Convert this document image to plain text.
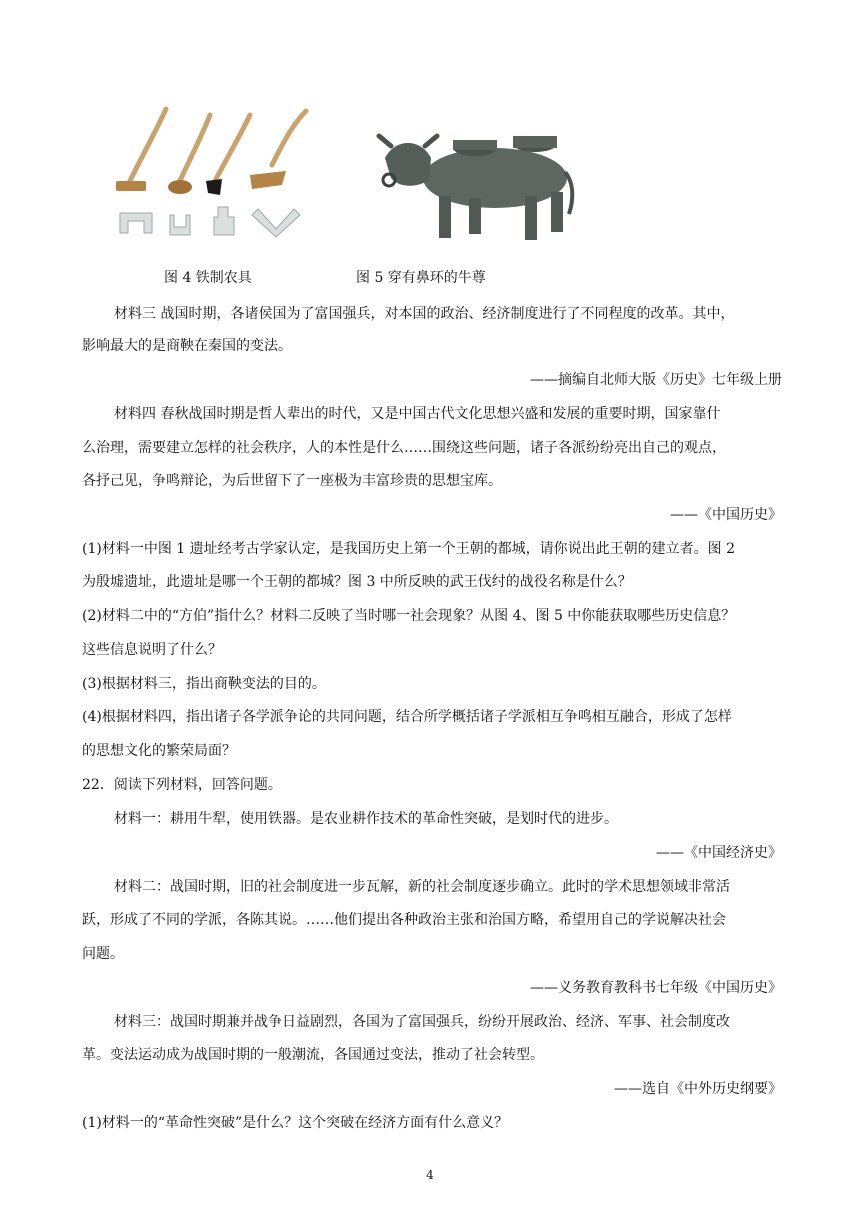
图 4 铁制农具	图 5 穿有鼻环的牛尊
材料三 战国时期，各诸侯国为了富国强兵，对本国的政治、经济制度进行了不同程度的改革。其中，
影响最大的是商鞅在秦国的变法。
——摘编自北师大版《历史》七年级上册
材料四 春秋战国时期是哲人辈出的时代，又是中国古代文化思想兴盛和发展的重要时期，国家靠什
么治理，需要建立怎样的社会秩序，人的本性是什么……围绕这些问题，诸子各派纷纷亮出自己的观点，
各抒己见，争鸣辩论，为后世留下了一座极为丰富珍贵的思想宝库。
——《中国历史》
(1)材料一中图 1 遗址经考古学家认定，是我国历史上第一个王朝的都城，请你说出此王朝的建立者。图 2
为殷墟遗址，此遗址是哪一个王朝的都城？图 3 中所反映的武王伐纣的战役名称是什么？
(2)材料二中的“方伯”指什么？材料二反映了当时哪一社会现象？从图 4、图 5 中你能获取哪些历史信息？
这些信息说明了什么？
(3)根据材料三，指出商鞅变法的目的。
(4)根据材料四，指出诸子各学派争论的共同问题，结合所学概括诸子学派相互争鸣相互融合，形成了怎样
的思想文化的繁荣局面？
22．阅读下列材料，回答问题。
材料一：耕用牛犁，使用铁器。是农业耕作技术的革命性突破，是划时代的进步。
——《中国经济史》
材料二：战国时期，旧的社会制度进一步瓦解，新的社会制度逐步确立。此时的学术思想领域非常活
跃，形成了不同的学派，各陈其说。……他们提出各种政治主张和治国方略，希望用自己的学说解决社会
问题。
——义务教育教科书七年级《中国历史》
材料三：战国时期兼并战争日益剧烈，各国为了富国强兵，纷纷开展政治、经济、军事、社会制度改
革。变法运动成为战国时期的一般潮流，各国通过变法，推动了社会转型。
——选自《中外历史纲要》
(1)材料一的“革命性突破”是什么？这个突破在经济方面有什么意义？
4
